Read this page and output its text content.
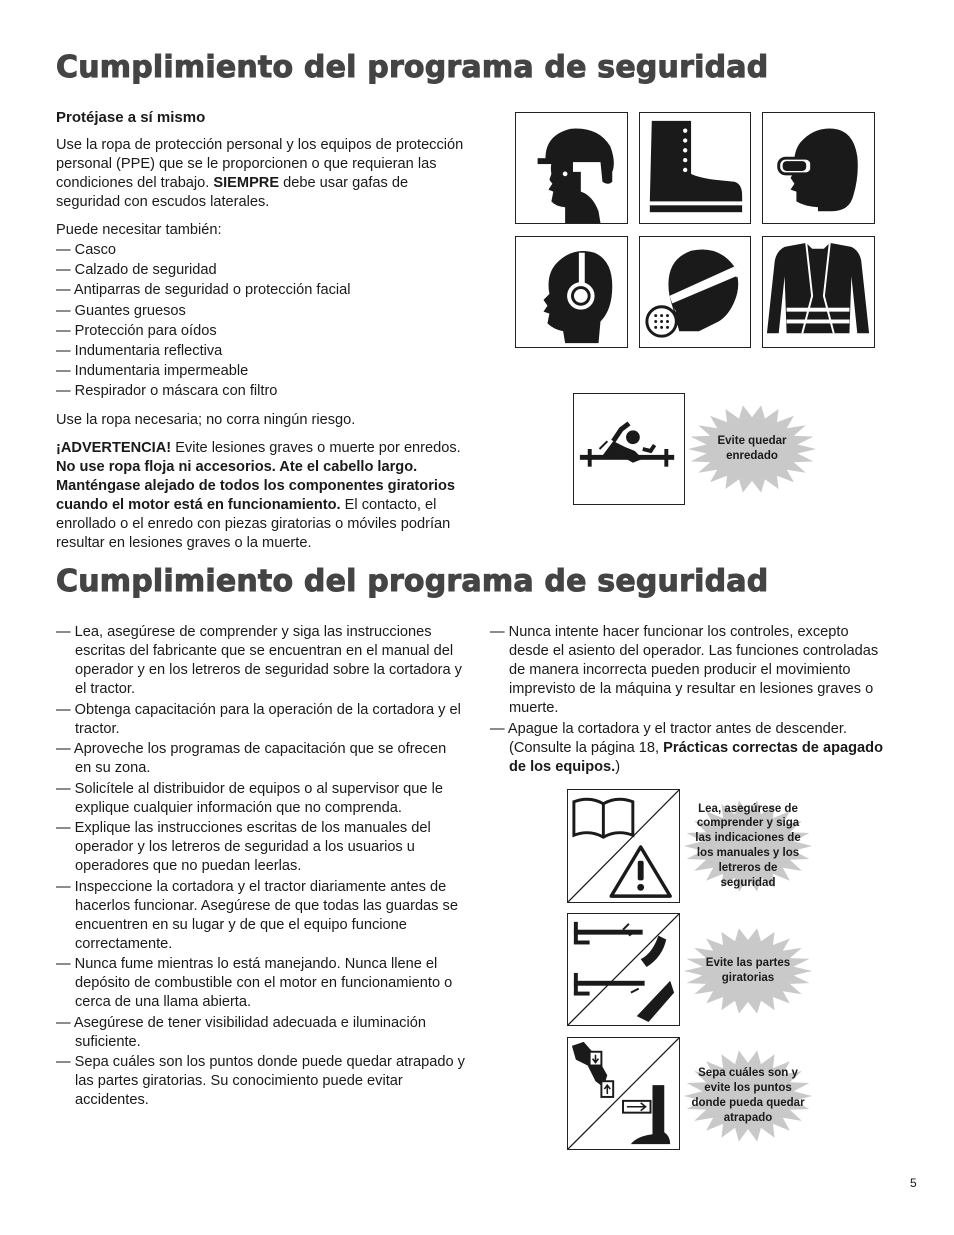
Cumplimiento del programa de seguridad
Protéjase a sí mismo

Use la ropa de protección personal y los equipos de protección personal (PPE) que se le proporcionen o que requieran las condiciones del trabajo. SIEMPRE debe usar gafas de seguridad con escudos laterales.

Puede necesitar también:
— Casco
— Calzado de seguridad
— Antiparras de seguridad o protección facial
— Guantes gruesos
— Protección para oídos
— Indumentaria reflectiva
— Indumentaria impermeable
— Respirador o máscara con filtro

Use la ropa necesaria; no corra ningún riesgo.

¡ADVERTENCIA! Evite lesiones graves o muerte por enredos. No use ropa floja ni accesorios. Ate el cabello largo. Manténgase alejado de todos los componentes giratorios cuando el motor está en funcionamiento. El contacto, el enrollado o el enredo con piezas giratorias o móviles podrían resultar en lesiones graves o la muerte.

Evite quedar enredado
Cumplimiento del programa de seguridad
— Lea, asegúrese de comprender y siga las instrucciones escritas del fabricante que se encuentran en el manual del operador y en los letreros de seguridad sobre la cortadora y el tractor.
— Obtenga capacitación para la operación de la cortadora y el tractor.
— Aproveche los programas de capacitación que se ofrecen en su zona.
— Solicítele al distribuidor de equipos o al supervisor que le explique cualquier información que no comprenda.
— Explique las instrucciones escritas de los manuales del operador y los letreros de seguridad a los usuarios u operadores que no puedan leerlas.
— Inspeccione la cortadora y el tractor diariamente antes de hacerlos funcionar. Asegúrese de que todas las guardas se encuentren en su lugar y de que el equipo funcione correctamente.
— Nunca fume mientras lo está manejando. Nunca llene el depósito de combustible con el motor en funcionamiento o cerca de una llama abierta.
— Asegúrese de tener visibilidad adecuada e iluminación suficiente.
— Sepa cuáles son los puntos donde puede quedar atrapado y las partes giratorias. Su conocimiento puede evitar accidentes.
— Nunca intente hacer funcionar los controles, excepto desde el asiento del operador. Las funciones controladas de manera incorrecta pueden producir el movimiento imprevisto de la máquina y resultar en lesiones graves o muerte.
— Apague la cortadora y el tractor antes de descender. (Consulte la página 18, Prácticas correctas de apagado de los equipos.)
Lea, asegúrese de comprender y siga las indicaciones de los manuales y los letreros de seguridad
Evite las partes giratorias
Sepa cuáles son y evite los puntos donde pueda quedar atrapado
5
